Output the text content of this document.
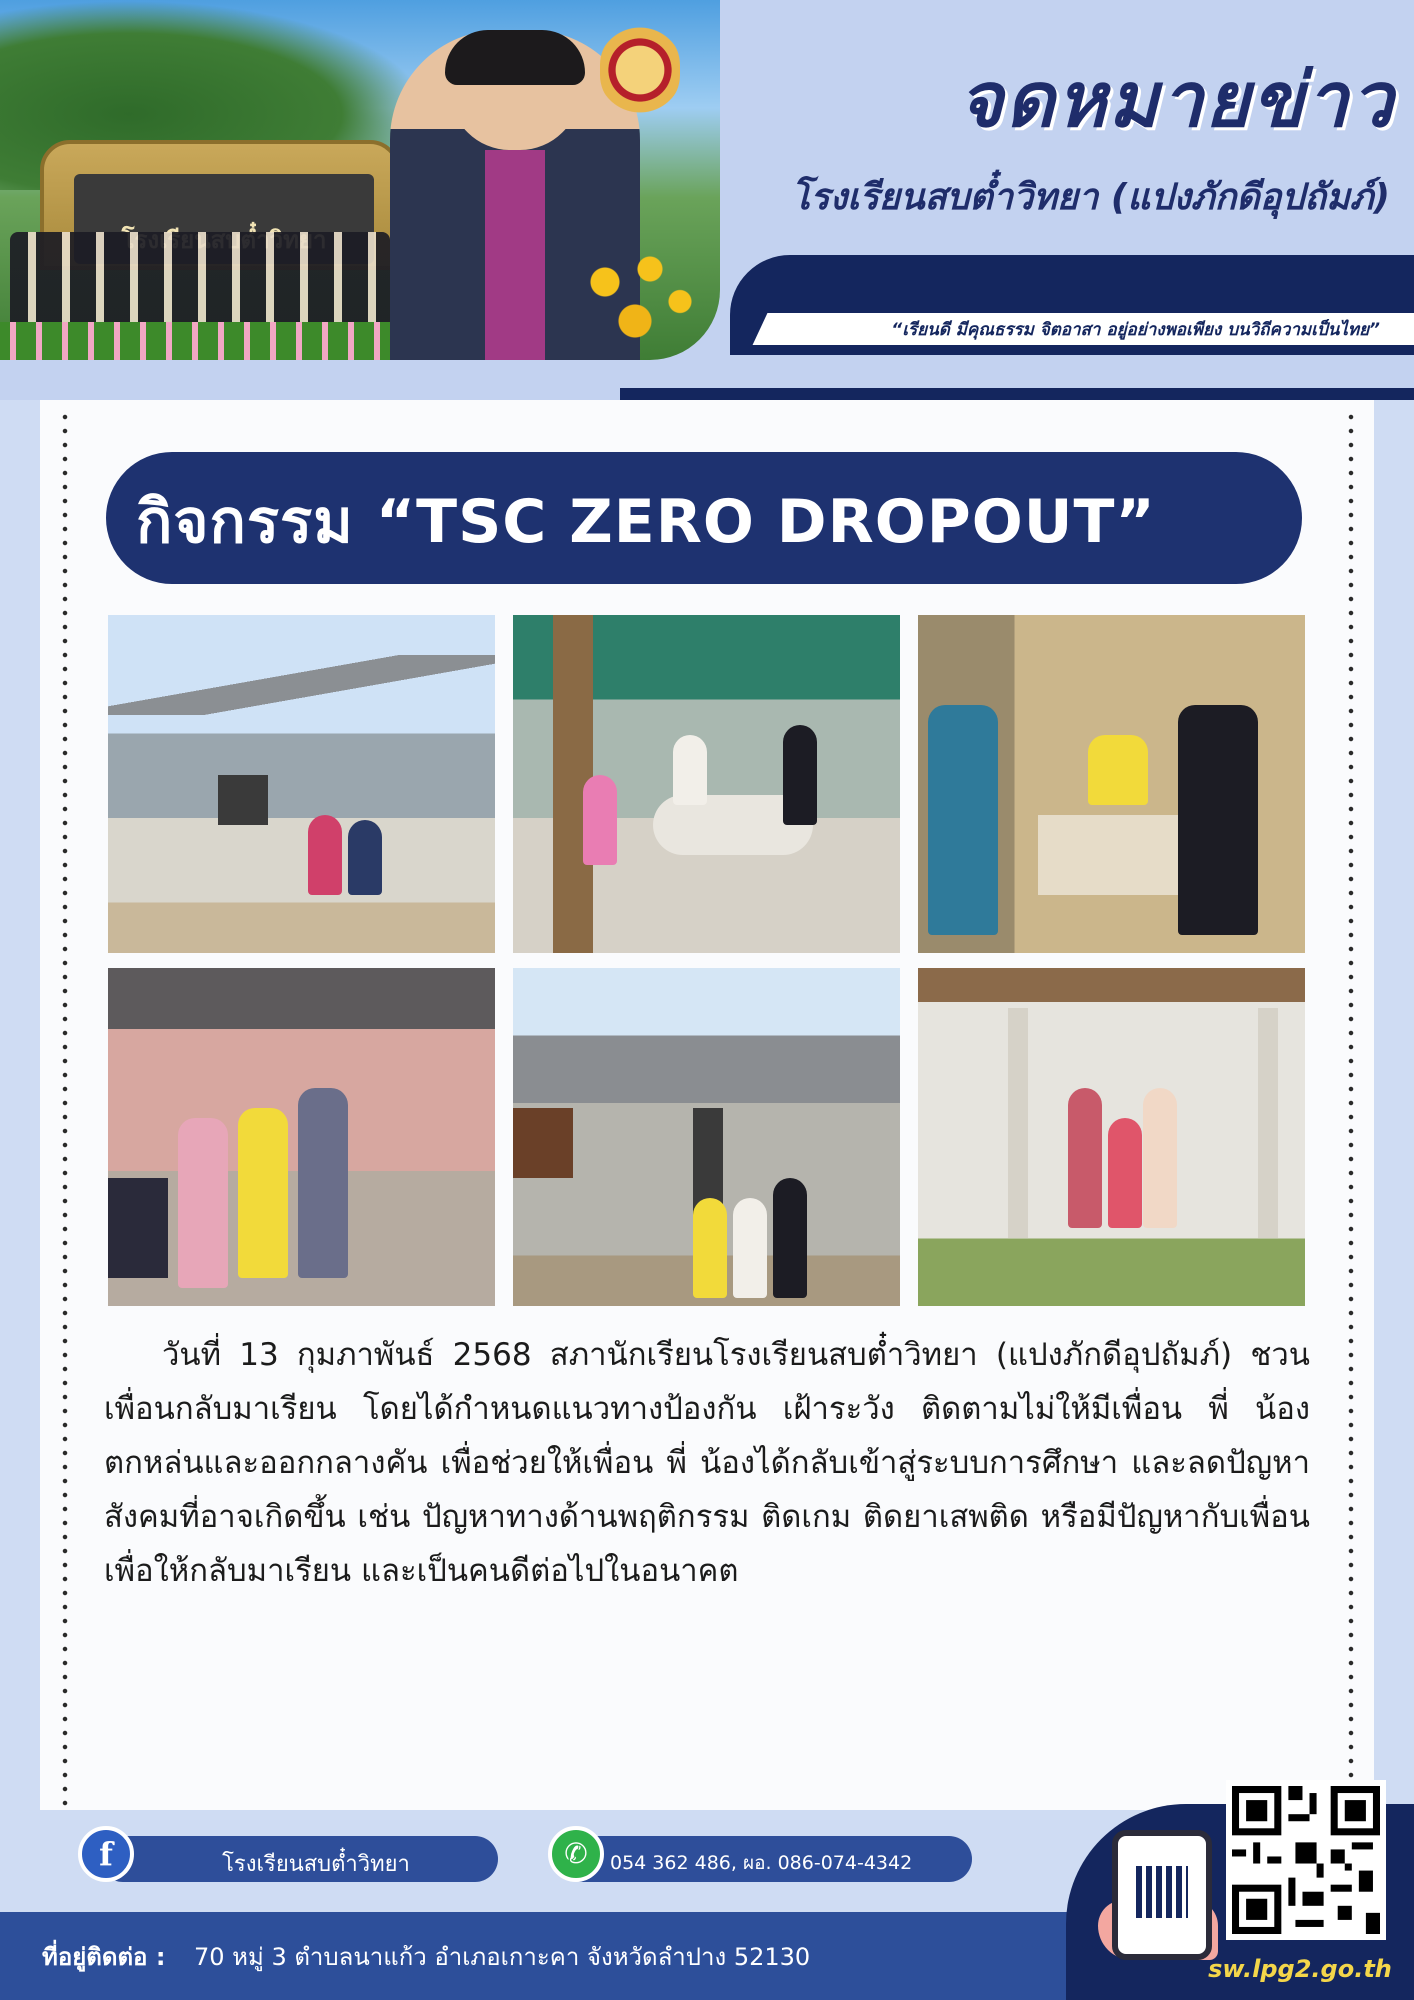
จดหมายข่าว
โรงเรียนสบต๋ำวิทยา (แปงภักดีอุปถัมภ์)
“เรียนดี มีคุณธรรม จิตอาสา อยู่อย่างพอเพียง บนวิถีความเป็นไทย”
กิจกรรม “TSC ZERO DROPOUT”
วันที่ 13 กุมภาพันธ์ 2568 สภานักเรียนโรงเรียนสบต๋ำวิทยา (แปงภักดีอุปถัมภ์) ชวนเพื่อนกลับมาเรียน โดยได้กำหนดแนวทางป้องกัน เฝ้าระวัง ติดตามไม่ให้มีเพื่อน พี่ น้องตกหล่นและออกกลางคัน เพื่อช่วยให้เพื่อน พี่ น้องได้กลับเข้าสู่ระบบการศึกษา และลดปัญหาสังคมที่อาจเกิดขึ้น เช่น ปัญหาทางด้านพฤติกรรม ติดเกม ติดยาเสพติด หรือมีปัญหากับเพื่อน เพื่อให้กลับมาเรียน และเป็นคนดีต่อไปในอนาคต
f	โรงเรียนสบต๋ำวิทยา	✆	054 362 486, ผอ. 086-074-4342
ที่อยู่ติดต่อ : 70 หมู่ 3 ตำบลนาแก้ว อำเภอเกาะคา จังหวัดลำปาง 52130	sw.lpg2.go.th
